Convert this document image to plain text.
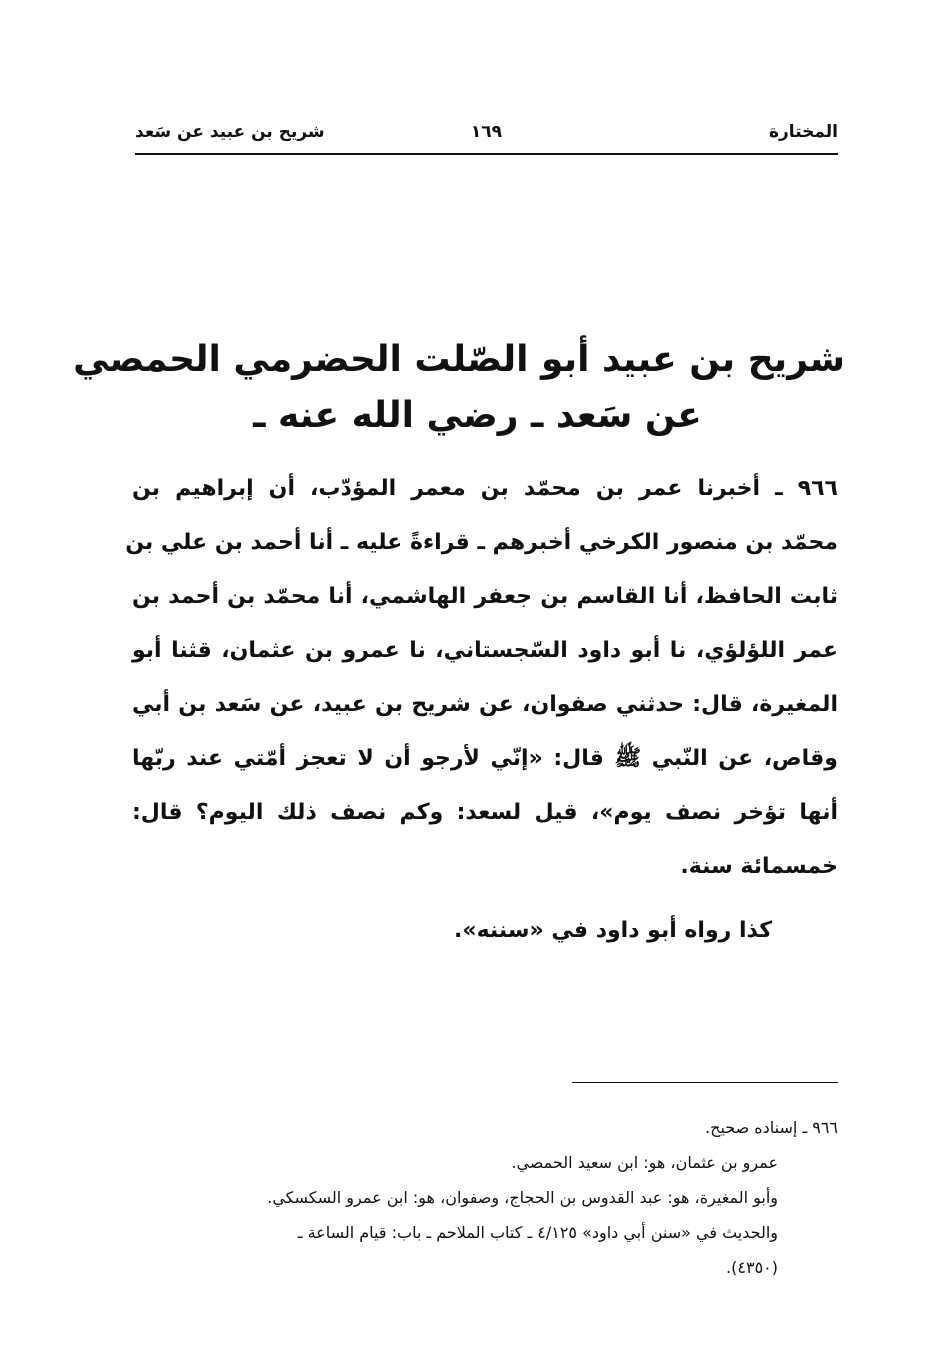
المختارة
١٦٩
شريح بن عبيد عن سَعد
شريح بن عبيد أبو الصّلت الحضرمي الحمصي
عن سَعد ـ رضي الله عنه ـ
٩٦٦ ـ أخبرنا عمر بن محمّد بن معمر المؤدّب، أن إبراهيم بن
محمّد بن منصور الكرخي أخبرهم ـ قراءةً عليه ـ أنا أحمد بن علي بن
ثابت الحافظ، أنا القاسم بن جعفر الهاشمي، أنا محمّد بن أحمد بن
عمر اللؤلؤي، نا أبو داود السّجستاني، نا عمرو بن عثمان، قثنا أبو
المغيرة، قال: حدثني صفوان، عن شريح بن عبيد، عن سَعد بن أبي
وقاص، عن النّبي ﷺ قال: «إنّي لأرجو أن لا تعجز أمّتي عند ربّها
أنها تؤخر نصف يوم»، قيل لسعد: وكم نصف ذلك اليوم؟ قال:
خمسمائة سنة.
كذا رواه أبو داود في «سننه».
٩٦٦ ـ إسناده صحيح.
عمرو بن عثمان، هو: ابن سعيد الحمصي.
وأبو المغيرة، هو: عبد القدوس بن الحجاج، وصفوان، هو: ابن عمرو السكسكي.
والحديث في «سنن أبي داود» ٤/١٢٥ ـ كتاب الملاحم ـ باب: قيام الساعة ـ
(٤٣٥٠).
